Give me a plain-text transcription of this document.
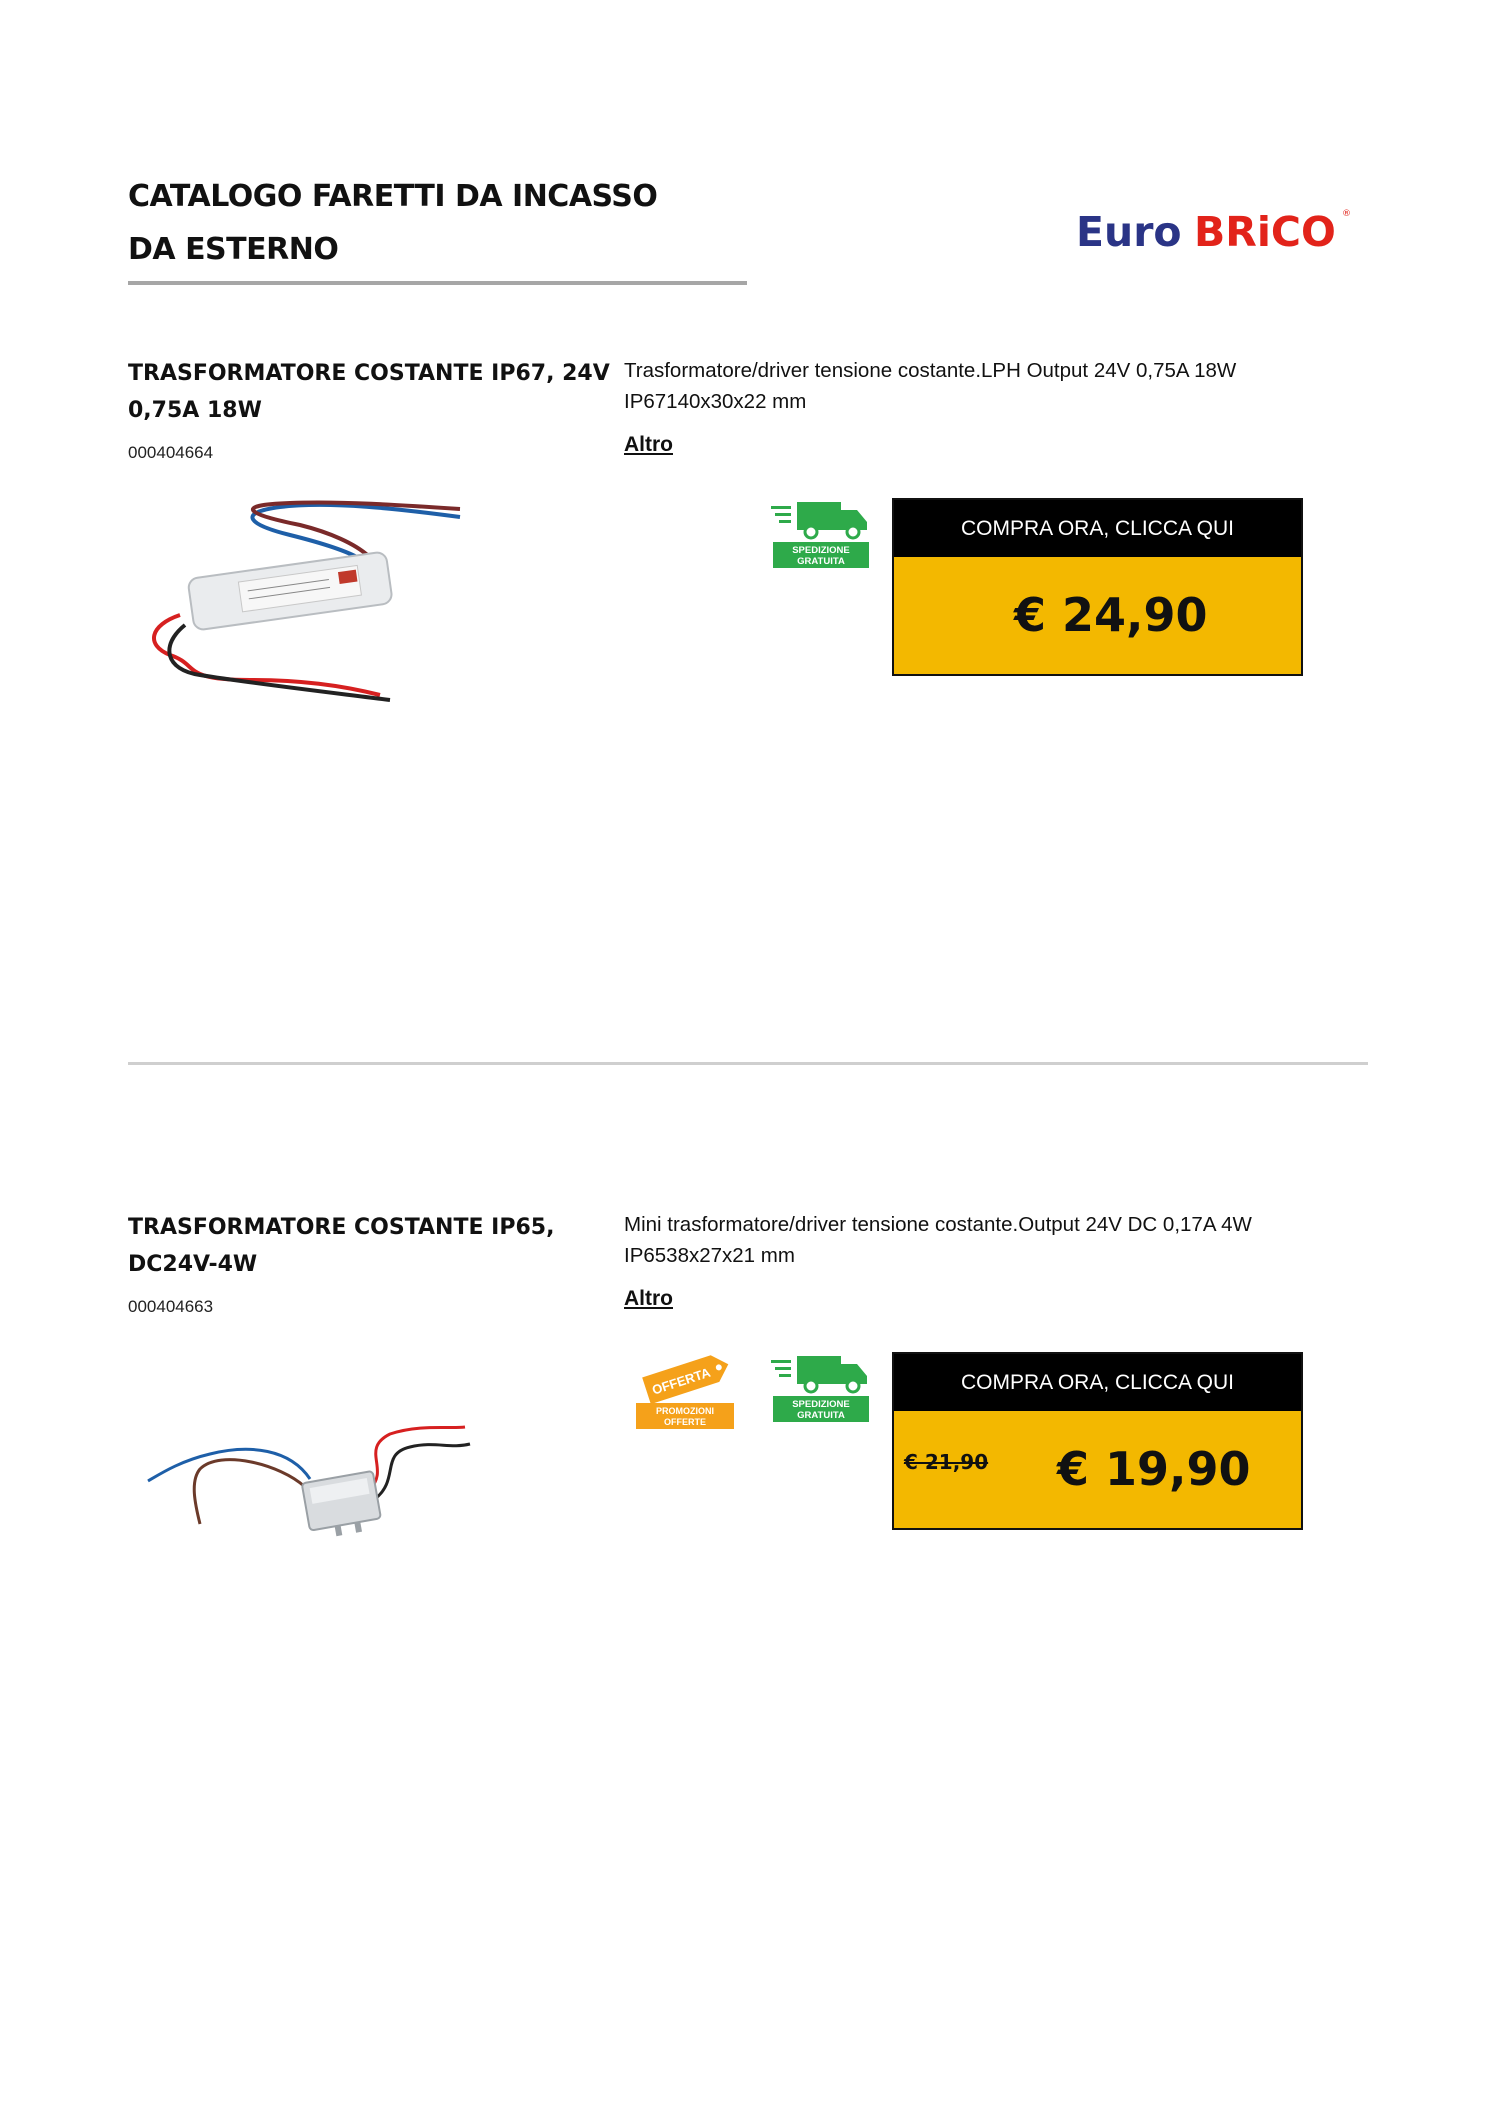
CATALOGO FARETTI DA INCASSO
DA ESTERNO	Euro BRiCO ®
TRASFORMATORE COSTANTE IP67, 24V 0,75A 18W
000404664
Trasformatore/driver tensione costante.LPH Output 24V 0,75A 18W IP67140x30x22 mm
Altro
SPEDIZIONE
GRATUITA
COMPRA ORA, CLICCA QUI
€ 24,90
TRASFORMATORE COSTANTE IP65, DC24V-4W
000404663
Mini trasformatore/driver tensione costante.Output 24V DC 0,17A 4W IP6538x27x21 mm
Altro
OFFERTA
PROMOZIONI
OFFERTE
SPEDIZIONE
GRATUITA
COMPRA ORA, CLICCA QUI
€ 21,90 € 19,90
